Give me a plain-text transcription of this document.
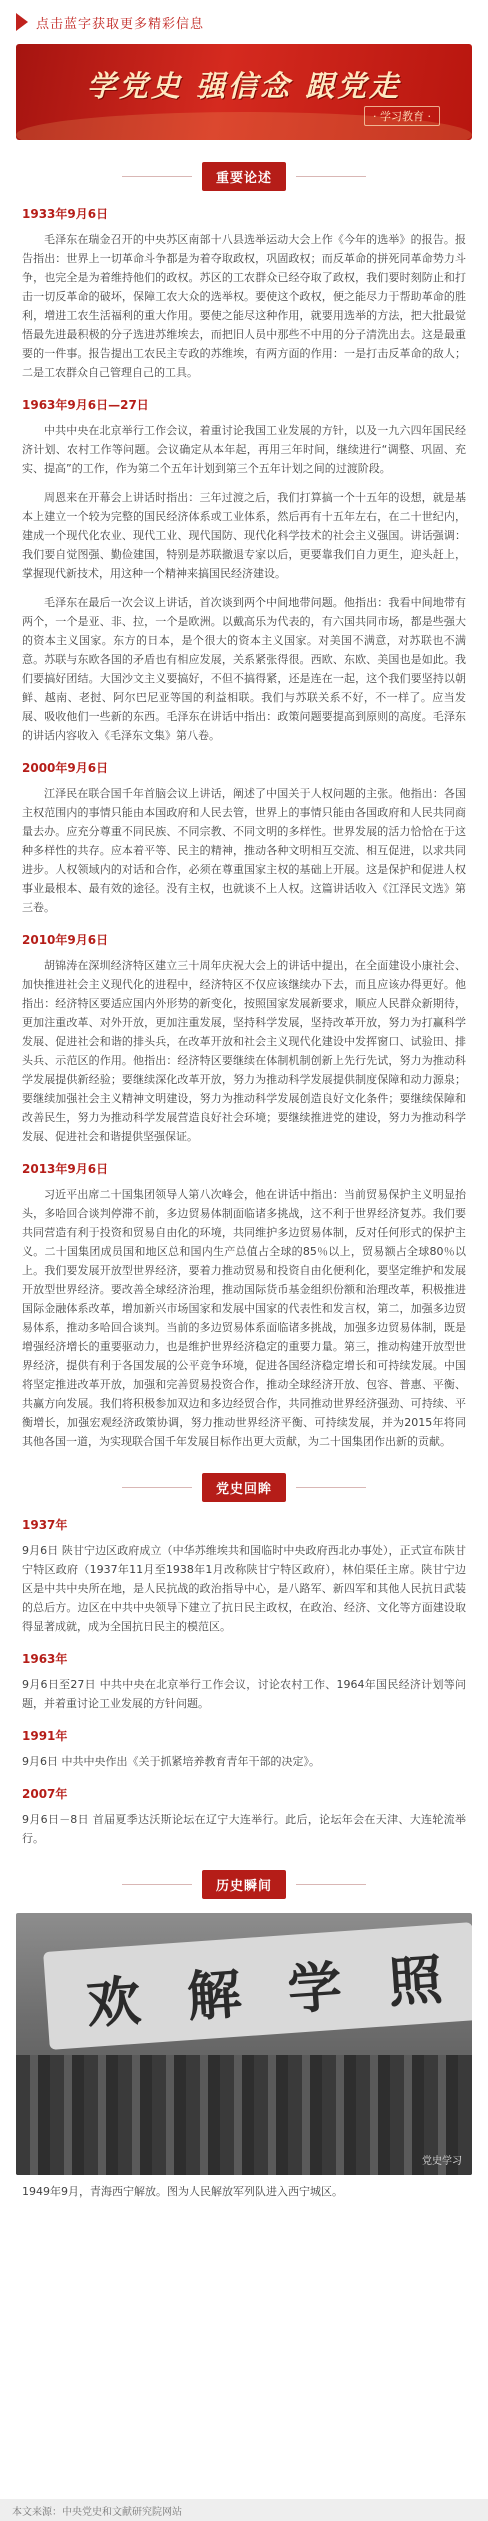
点击蓝字获取更多精彩信息
学党史 强信念 跟党走
· 学习教育 ·
重要论述
1933年9月6日

毛泽东在瑞金召开的中央苏区南部十八县选举运动大会上作《今年的选举》的报告。报告指出：世界上一切革命斗争都是为着夺取政权，巩固政权；而反革命的拼死同革命势力斗争，也完全是为着维持他们的政权。苏区的工农群众已经夺取了政权，我们要时刻防止和打击一切反革命的破坏，保障工农大众的选举权。要使这个政权，便之能尽力于帮助革命的胜利，增进工农生活福利的重大作用。要使之能尽这种作用，就要用选举的方法，把大批最觉悟最先进最积极的分子选进苏维埃去，而把旧人员中那些不中用的分子清洗出去。这是最重要的一件事。报告提出工农民主专政的苏维埃，有两方面的作用：一是打击反革命的敌人；二是工农群众自己管理自己的工具。

1963年9月6日—27日

中共中央在北京举行工作会议，着重讨论我国工业发展的方针，以及一九六四年国民经济计划、农村工作等问题。会议确定从本年起，再用三年时间，继续进行“调整、巩固、充实、提高”的工作，作为第二个五年计划到第三个五年计划之间的过渡阶段。

周恩来在开幕会上讲话时指出：三年过渡之后，我们打算搞一个十五年的设想，就是基本上建立一个较为完整的国民经济体系或工业体系，然后再有十五年左右，在二十世纪内，建成一个现代化农业、现代工业、现代国防、现代化科学技术的社会主义强国。讲话强调：我们要自觉图强、勤俭建国，特别是苏联撤退专家以后，更要靠我们自力更生，迎头赶上，掌握现代新技术，用这种一个精神来搞国民经济建设。

毛泽东在最后一次会议上讲话，首次谈到两个中间地带问题。他指出：我看中间地带有两个，一个是亚、非、拉，一个是欧洲。以戴高乐为代表的，有六国共同市场，都是些强大的资本主义国家。东方的日本，是个很大的资本主义国家。对美国不满意，对苏联也不满意。苏联与东欧各国的矛盾也有相应发展，关系紧张得很。西欧、东欧、美国也是如此。我们要搞好团结。大国沙文主义要搞好，不但不搞得紧，还是连在一起，这个我们要坚持以朝鲜、越南、老挝、阿尔巴尼亚等国的利益相联。我们与苏联关系不好，不一样了。应当发展、吸收他们一些新的东西。毛泽东在讲话中指出：政策问题要提高到原则的高度。毛泽东的讲话内容收入《毛泽东文集》第八卷。

2000年9月6日

江泽民在联合国千年首脑会议上讲话，阐述了中国关于人权问题的主张。他指出：各国主权范围内的事情只能由本国政府和人民去管，世界上的事情只能由各国政府和人民共同商量去办。应充分尊重不同民族、不同宗教、不同文明的多样性。世界发展的活力恰恰在于这种多样性的共存。应本着平等、民主的精神，推动各种文明相互交流、相互促进，以求共同进步。人权领域内的对话和合作，必须在尊重国家主权的基础上开展。这是保护和促进人权事业最根本、最有效的途径。没有主权，也就谈不上人权。这篇讲话收入《江泽民文选》第三卷。

2010年9月6日

胡锦涛在深圳经济特区建立三十周年庆祝大会上的讲话中提出，在全面建设小康社会、加快推进社会主义现代化的进程中，经济特区不仅应该继续办下去，而且应该办得更好。他指出：经济特区要适应国内外形势的新变化，按照国家发展新要求，顺应人民群众新期待，更加注重改革、对外开放，更加注重发展，坚持科学发展，坚持改革开放，努力为打赢科学发展、促进社会和谐的排头兵，在改革开放和社会主义现代化建设中发挥窗口、试验田、排头兵、示范区的作用。他指出：经济特区要继续在体制机制创新上先行先试，努力为推动科学发展提供新经验；要继续深化改革开放，努力为推动科学发展提供制度保障和动力源泉；要继续加强社会主义精神文明建设，努力为推动科学发展创造良好文化条件；要继续保障和改善民生，努力为推动科学发展营造良好社会环境；要继续推进党的建设，努力为推动科学发展、促进社会和谐提供坚强保证。

2013年9月6日

习近平出席二十国集团领导人第八次峰会，他在讲话中指出：当前贸易保护主义明显抬头，多哈回合谈判停滞不前，多边贸易体制面临诸多挑战，这不利于世界经济复苏。我们要共同营造有利于投资和贸易自由化的环境，共同维护多边贸易体制，反对任何形式的保护主义。二十国集团成员国和地区总和国内生产总值占全球的85％以上，贸易额占全球80％以上。我们要发展开放型世界经济，要着力推动贸易和投资自由化便利化，要坚定维护和发展开放型世界经济。要改善全球经济治理，推动国际货币基金组织份额和治理改革，积极推进国际金融体系改革，增加新兴市场国家和发展中国家的代表性和发言权，第二，加强多边贸易体系，推动多哈回合谈判。当前的多边贸易体系面临诸多挑战，加强多边贸易体制，既是增强经济增长的重要驱动力，也是维护世界经济稳定的重要力量。第三，推动构建开放型世界经济，提供有利于各国发展的公平竞争环境，促进各国经济稳定增长和可持续发展。中国将坚定推进改革开放，加强和完善贸易投资合作，推动全球经济开放、包容、普惠、平衡、共赢方向发展。我们将积极参加双边和多边经贸合作，共同推动世界经济强劲、可持续、平衡增长，加强宏观经济政策协调，努力推动世界经济平衡、可持续发展，并为2015年将同其他各国一道，为实现联合国千年发展目标作出更大贡献，为二十国集团作出新的贡献。

党史回眸
1937年

9月6日 陕甘宁边区政府成立（中华苏维埃共和国临时中央政府西北办事处），正式宣布陕甘宁特区政府（1937年11月至1938年1月改称陕甘宁特区政府），林伯渠任主席。陕甘宁边区是中共中央所在地，是人民抗战的政治指导中心，是八路军、新四军和其他人民抗日武装的总后方。边区在中共中央领导下建立了抗日民主政权，在政治、经济、文化等方面建设取得显著成就，成为全国抗日民主的模范区。

1963年

9月6日至27日 中共中央在北京举行工作会议，讨论农村工作、1964年国民经济计划等问题，并着重讨论工业发展的方针问题。

1991年

9月6日 中共中央作出《关于抓紧培养教育青年干部的决定》。

2007年

9月6日－8日 首届夏季达沃斯论坛在辽宁大连举行。此后，论坛年会在天津、大连轮流举行。

历史瞬间
欢 解 学 照
党史学习

1949年9月，青海西宁解放。图为人民解放军列队进入西宁城区。

本文来源：中央党史和文献研究院网站
